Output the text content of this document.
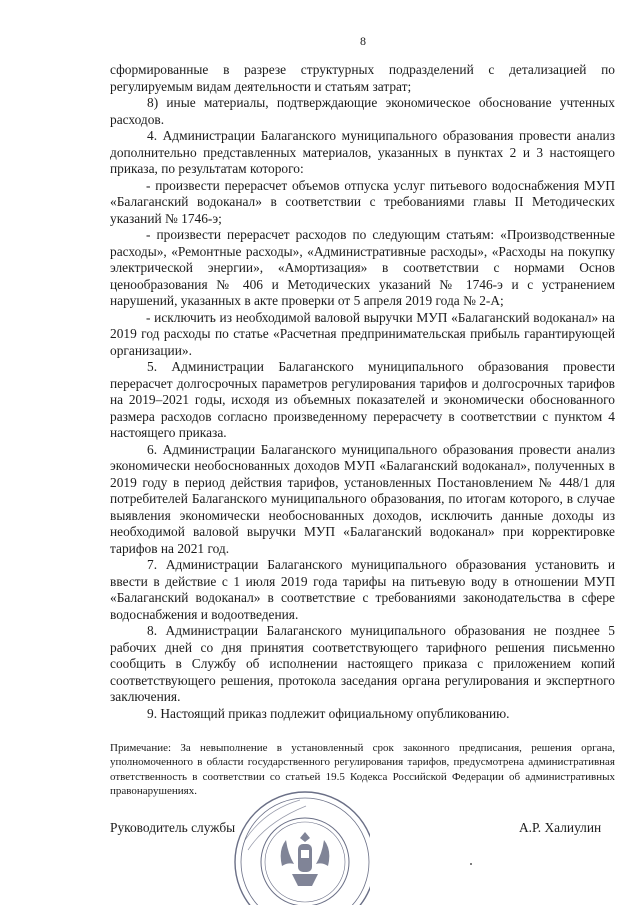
8

сформированные в разрезе структурных подразделений с детализацией по регулируемым видам деятельности и статьям затрат;

8) иные материалы, подтверждающие экономическое обоснование учтенных расходов.

4. Администрации Балаганского муниципального образования провести анализ дополнительно представленных материалов, указанных в пунктах 2 и 3 настоящего приказа, по результатам которого:

- произвести перерасчет объемов отпуска услуг питьевого водоснабжения МУП «Балаганский водоканал» в соответствии с требованиями главы II Методических указаний № 1746-э;

- произвести перерасчет расходов по следующим статьям: «Производственные расходы», «Ремонтные расходы», «Административные расходы», «Расходы на покупку электрической энергии», «Амортизация» в соответствии с нормами Основ ценообразования № 406 и Методических указаний № 1746-э и с устранением нарушений, указанных в акте проверки от 5 апреля 2019 года № 2-А;

- исключить из необходимой валовой выручки МУП «Балаганский водоканал» на 2019 год расходы по статье «Расчетная предпринимательская прибыль гарантирующей организации».

5. Администрации Балаганского муниципального образования провести перерасчет долгосрочных параметров регулирования тарифов и долгосрочных тарифов на 2019–2021 годы, исходя из объемных показателей и экономически обоснованного размера расходов согласно произведенному перерасчету в соответствии с пунктом 4 настоящего приказа.

6. Администрации Балаганского муниципального образования провести анализ экономически необоснованных доходов МУП «Балаганский водоканал», полученных в 2019 году в период действия тарифов, установленных Постановлением № 448/1 для потребителей Балаганского муниципального образования, по итогам которого, в случае выявления экономически необоснованных доходов, исключить данные доходы из необходимой валовой выручки МУП «Балаганский водоканал» при корректировке тарифов на 2021 год.

7. Администрации Балаганского муниципального образования установить и ввести в действие с 1 июля 2019 года тарифы на питьевую воду в отношении МУП «Балаганский водоканал» в соответствие с требованиями законодательства в сфере водоснабжения и водоотведения.

8. Администрации Балаганского муниципального образования не позднее 5 рабочих дней со дня принятия соответствующего тарифного решения письменно сообщить в Службу об исполнении настоящего приказа с приложением копий соответствующего решения, протокола заседания органа регулирования и экспертного заключения.

9. Настоящий приказ подлежит официальному опубликованию.

Примечание: За невыполнение в установленный срок законного предписания, решения органа, уполномоченного в области государственного регулирования тарифов, предусмотрена административная ответственность в соответствии со статьей 19.5 Кодекса Российской Федерации об административных правонарушениях.

Руководитель службы	А.Р. Халиулин
